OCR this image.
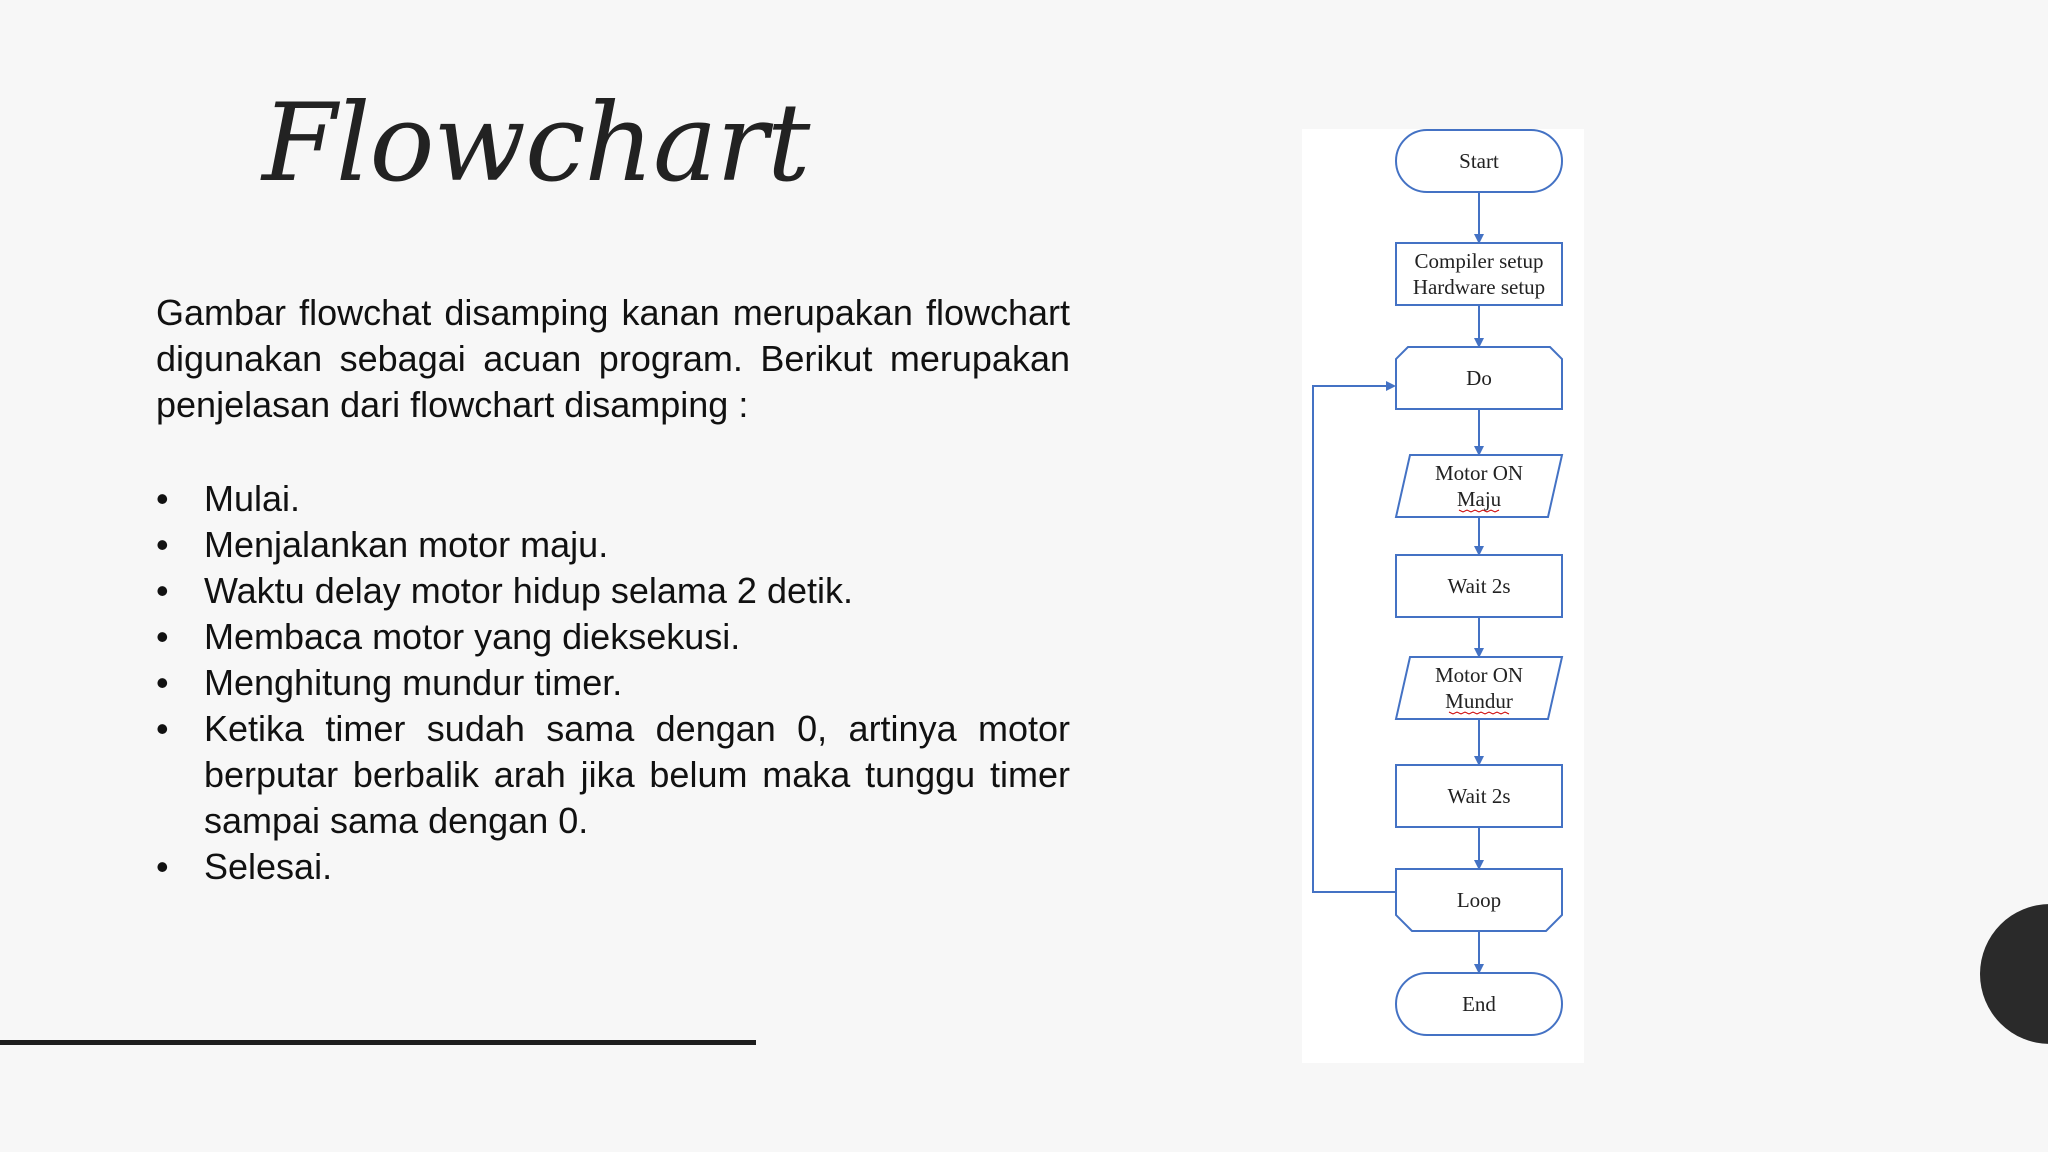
Flowchart

Gambar flowchat disamping kanan merupakan flowchart digunakan sebagai acuan program. Berikut merupakan penjelasan dari flowchart disamping :

• Mulai.
• Menjalankan motor maju.
• Waktu delay motor hidup selama 2 detik.
• Membaca motor yang dieksekusi.
• Menghitung mundur timer.
• Ketika timer sudah sama dengan 0, artinya motor berputar berbalik arah jika belum maka tunggu timer sampai sama dengan 0.
• Selesai.
Start
Compiler setup
Hardware setup
Do
Motor ON
Maju
Wait 2s
Motor ON
Mundur
Wait 2s
Loop
End
